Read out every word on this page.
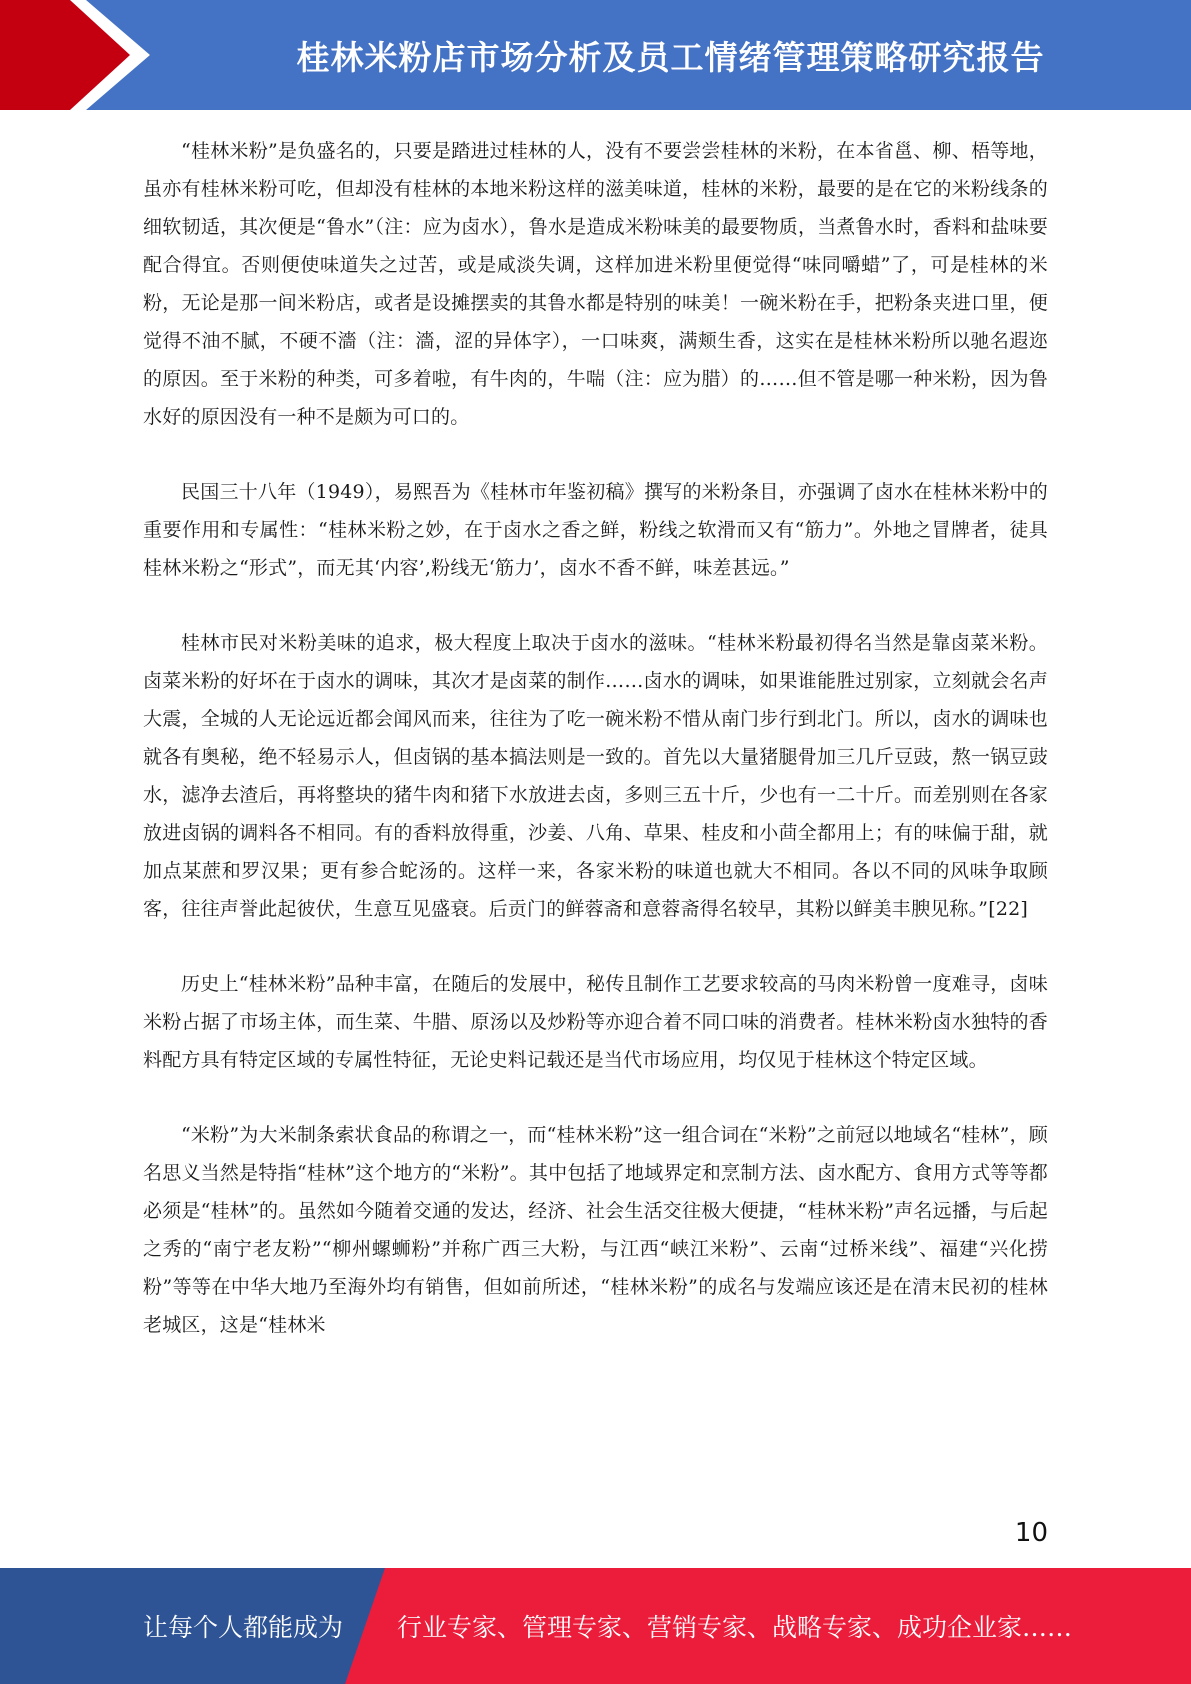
桂林米粉店市场分析及员工情绪管理策略研究报告

“桂林米粉”是负盛名的，只要是踏进过桂林的人，没有不要尝尝桂林的米粉，在本省邕、柳、梧等地，虽亦有桂林米粉可吃，但却没有桂林的本地米粉这样的滋美味道，桂林的米粉，最要的是在它的米粉线条的细软韧适，其次便是“鲁水”（注：应为卤水），鲁水是造成米粉味美的最要物质，当煮鲁水时，香料和盐味要配合得宜。否则便使味道失之过苦，或是咸淡失调，这样加进米粉里便觉得“味同嚼蜡”了，可是桂林的米粉，无论是那一间米粉店，或者是设摊摆卖的其鲁水都是特别的味美！一碗米粉在手，把粉条夹进口里，便觉得不油不腻，不硬不濇（注：濇，涩的异体字），一口味爽，满颊生香，这实在是桂林米粉所以驰名遐迩的原因。至于米粉的种类，可多着啦，有牛肉的，牛喘（注：应为腊）的……但不管是哪一种米粉，因为鲁水好的原因没有一种不是颇为可口的。

民国三十八年（1949），易熙吾为《桂林市年鉴初稿》撰写的米粉条目，亦强调了卤水在桂林米粉中的重要作用和专属性：“桂林米粉之妙，在于卤水之香之鲜，粉线之软滑而又有“筋力”。外地之冒牌者，徒具桂林米粉之“形式”，而无其‘内容’,粉线无‘筋力’，卤水不香不鲜，味差甚远。”

桂林市民对米粉美味的追求，极大程度上取决于卤水的滋味。“桂林米粉最初得名当然是靠卤菜米粉。卤菜米粉的好坏在于卤水的调味，其次才是卤菜的制作……卤水的调味，如果谁能胜过别家，立刻就会名声大震，全城的人无论远近都会闻风而来，往往为了吃一碗米粉不惜从南门步行到北门。所以，卤水的调味也就各有奥秘，绝不轻易示人，但卤锅的基本搞法则是一致的。首先以大量猪腿骨加三几斤豆豉，熬一锅豆豉水，滤净去渣后，再将整块的猪牛肉和猪下水放进去卤，多则三五十斤，少也有一二十斤。而差别则在各家放进卤锅的调料各不相同。有的香料放得重，沙姜、八角、草果、桂皮和小茴全都用上；有的味偏于甜，就加点某蔗和罗汉果；更有参合蛇汤的。这样一来，各家米粉的味道也就大不相同。各以不同的风味争取顾客，往往声誉此起彼伏，生意互见盛衰。后贡门的鲜蓉斋和意蓉斋得名较早，其粉以鲜美丰腴见称。”[22]

历史上“桂林米粉”品种丰富，在随后的发展中，秘传且制作工艺要求较高的马肉米粉曾一度难寻，卤味米粉占据了市场主体，而生菜、牛腊、原汤以及炒粉等亦迎合着不同口味的消费者。桂林米粉卤水独特的香料配方具有特定区域的专属性特征，无论史料记载还是当代市场应用，均仅见于桂林这个特定区域。

“米粉”为大米制条索状食品的称谓之一，而“桂林米粉”这一组合词在“米粉”之前冠以地域名“桂林”，顾名思义当然是特指“桂林”这个地方的“米粉”。其中包括了地域界定和烹制方法、卤水配方、食用方式等等都必须是“桂林”的。虽然如今随着交通的发达，经济、社会生活交往极大便捷，“桂林米粉”声名远播，与后起之秀的“南宁老友粉”“柳州螺蛳粉”并称广西三大粉，与江西“峡江米粉”、云南“过桥米线”、福建“兴化捞粉”等等在中华大地乃至海外均有销售，但如前所述，“桂林米粉”的成名与发端应该还是在清末民初的桂林老城区，这是“桂林米

10
让每个人都能成为 行业专家、管理专家、营销专家、战略专家、成功企业家……
